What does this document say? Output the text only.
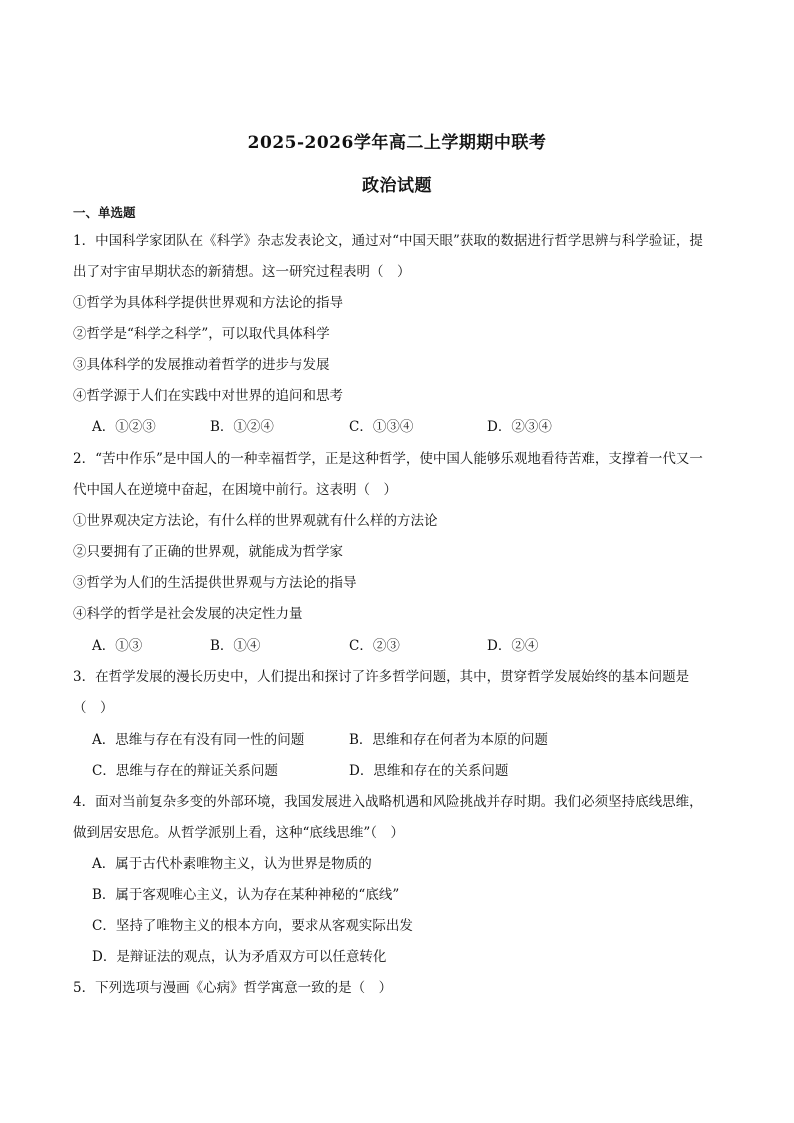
2025-2026学年高二上学期期中联考
政治试题
一、单选题
1．中国科学家团队在《科学》杂志发表论文，通过对“中国天眼”获取的数据进行哲学思辨与科学验证，提
出了对宇宙早期状态的新猜想。这一研究过程表明（　）
①哲学为具体科学提供世界观和方法论的指导
②哲学是“科学之科学”，可以取代具体科学
③具体科学的发展推动着哲学的进步与发展
④哲学源于人们在实践中对世界的追问和思考
A．①②③	B．①②④	C．①③④	D．②③④
2．“苦中作乐”是中国人的一种幸福哲学，正是这种哲学，使中国人能够乐观地看待苦难，支撑着一代又一
代中国人在逆境中奋起，在困境中前行。这表明（　）
①世界观决定方法论，有什么样的世界观就有什么样的方法论
②只要拥有了正确的世界观，就能成为哲学家
③哲学为人们的生活提供世界观与方法论的指导
④科学的哲学是社会发展的决定性力量
A．①③	B．①④	C．②③	D．②④
3．在哲学发展的漫长历史中，人们提出和探讨了许多哲学问题，其中，贯穿哲学发展始终的基本问题是
（　）
A．思维与存在有没有同一性的问题	B．思维和存在何者为本原的问题
C．思维与存在的辩证关系问题	D．思维和存在的关系问题
4．面对当前复杂多变的外部环境，我国发展进入战略机遇和风险挑战并存时期。我们必须坚持底线思维，
做到居安思危。从哲学派别上看，这种“底线思维”（　）
A．属于古代朴素唯物主义，认为世界是物质的
B．属于客观唯心主义，认为存在某种神秘的“底线”
C．坚持了唯物主义的根本方向，要求从客观实际出发
D．是辩证法的观点，认为矛盾双方可以任意转化
5．下列选项与漫画《心病》哲学寓意一致的是（　）
